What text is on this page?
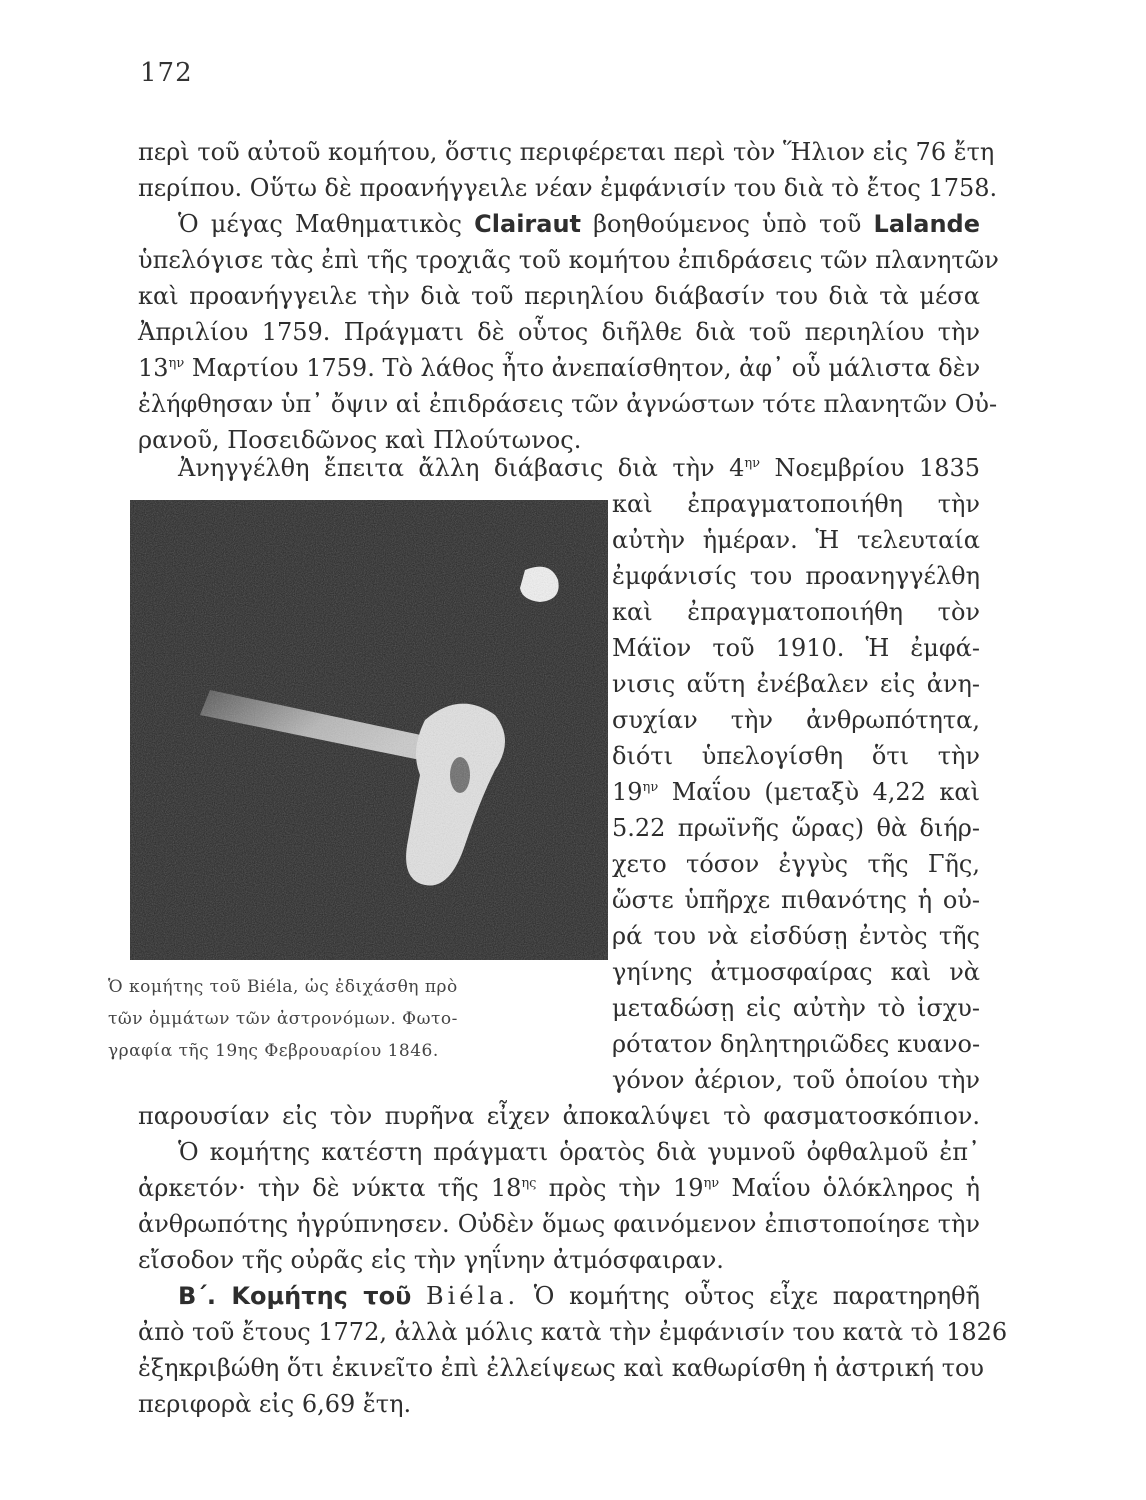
172
περὶ τοῦ αὐτοῦ κομήτου, ὅστις περιφέρεται περὶ τὸν Ἥλιον εἰς 76 ἔτη
περίπου. Οὕτω δὲ προανήγγειλε νέαν ἐμφάνισίν του διὰ τὸ ἔτος 1758.
Ὁ μέγας Μαθηματικὸς Clairaut βοηθούμενος ὑπὸ τοῦ Lalande
ὑπελόγισε τὰς ἐπὶ τῆς τροχιᾶς τοῦ κομήτου ἐπιδράσεις τῶν πλανητῶν
καὶ προανήγγειλε τὴν διὰ τοῦ περιηλίου διάβασίν του διὰ τὰ μέσα
Ἀπριλίου 1759. Πράγματι δὲ οὗτος διῆλθε διὰ τοῦ περιηλίου τὴν
$13^{\eta\nu}$ Μαρτίου 1759. Τὸ λάθος ἦτο ἀνεπαίσθητον, ἀφ᾽ οὗ μάλιστα δὲν
ἐλήφθησαν ὑπ᾽ ὄψιν αἱ ἐπιδράσεις τῶν ἀγνώστων τότε πλανητῶν Οὐ-
ρανοῦ, Ποσειδῶνος καὶ Πλούτωνος.
Ἀνηγγέλθη ἔπειτα ἄλλη διάβασις διὰ τὴν $4^{\eta\nu}$ Νοεμβρίου 1835
καὶ ἐπραγματοποιήθη τὴν
αὐτὴν ἡμέραν. Ἡ τελευταία
ἐμφάνισίς του προανηγγέλθη
καὶ ἐπραγματοποιήθη τὸν
Μάϊον τοῦ 1910. Ἡ ἐμφά-
νισις αὕτη ἐνέβαλεν εἰς ἀνη-
συχίαν τὴν ἀνθρωπότητα,
διότι ὑπελογίσθη ὅτι τὴν
$19^{\eta\nu}$ Μαΐου (μεταξὺ 4,22 καὶ
5.22 πρωϊνῆς ὥρας) θὰ διήρ-
χετο τόσον ἐγγὺς τῆς Γῆς,
ὥστε ὑπῆρχε πιθανότης ἡ οὐ-
ρά του νὰ εἰσδύσῃ ἐντὸς τῆς
γηίνης ἀτμοσφαίρας καὶ νὰ
μεταδώσῃ εἰς αὐτὴν τὸ ἰσχυ-
ρότατον δηλητηριῶδες κυανο-
γόνον ἀέριον, τοῦ ὁποίου τὴν
Ὁ κομήτης τοῦ Biéla, ὡς ἐδιχάσθη πρὸ
τῶν ὀμμάτων τῶν ἀστρονόμων. Φωτο-
γραφία τῆς 19ης Φεβρουαρίου 1846.
παρουσίαν εἰς τὸν πυρῆνα εἶχεν ἀποκαλύψει τὸ φασματοσκόπιον.
Ὁ κομήτης κατέστη πράγματι ὁρατὸς διὰ γυμνοῦ ὀφθαλμοῦ ἐπ᾽
ἀρκετόν· τὴν δὲ νύκτα τῆς $18^{\eta\varsigma}$ πρὸς τὴν $19^{\eta\nu}$ Μαΐου ὁλόκληρος ἡ
ἀνθρωπότης ἠγρύπνησεν. Οὐδὲν ὅμως φαινόμενον ἐπιστοποίησε τὴν
εἴσοδον τῆς οὐρᾶς εἰς τὴν γηΐνην ἀτμόσφαιραν.
Β΄. Κομήτης τοῦ Biéla. Ὁ κομήτης οὗτος εἶχε παρατηρηθῆ
ἀπὸ τοῦ ἔτους 1772, ἀλλὰ μόλις κατὰ τὴν ἐμφάνισίν του κατὰ τὸ 1826
ἐξηκριβώθη ὅτι ἐκινεῖτο ἐπὶ ἐλλείψεως καὶ καθωρίσθη ἡ ἀστρική του
περιφορὰ εἰς 6,69 ἔτη.
